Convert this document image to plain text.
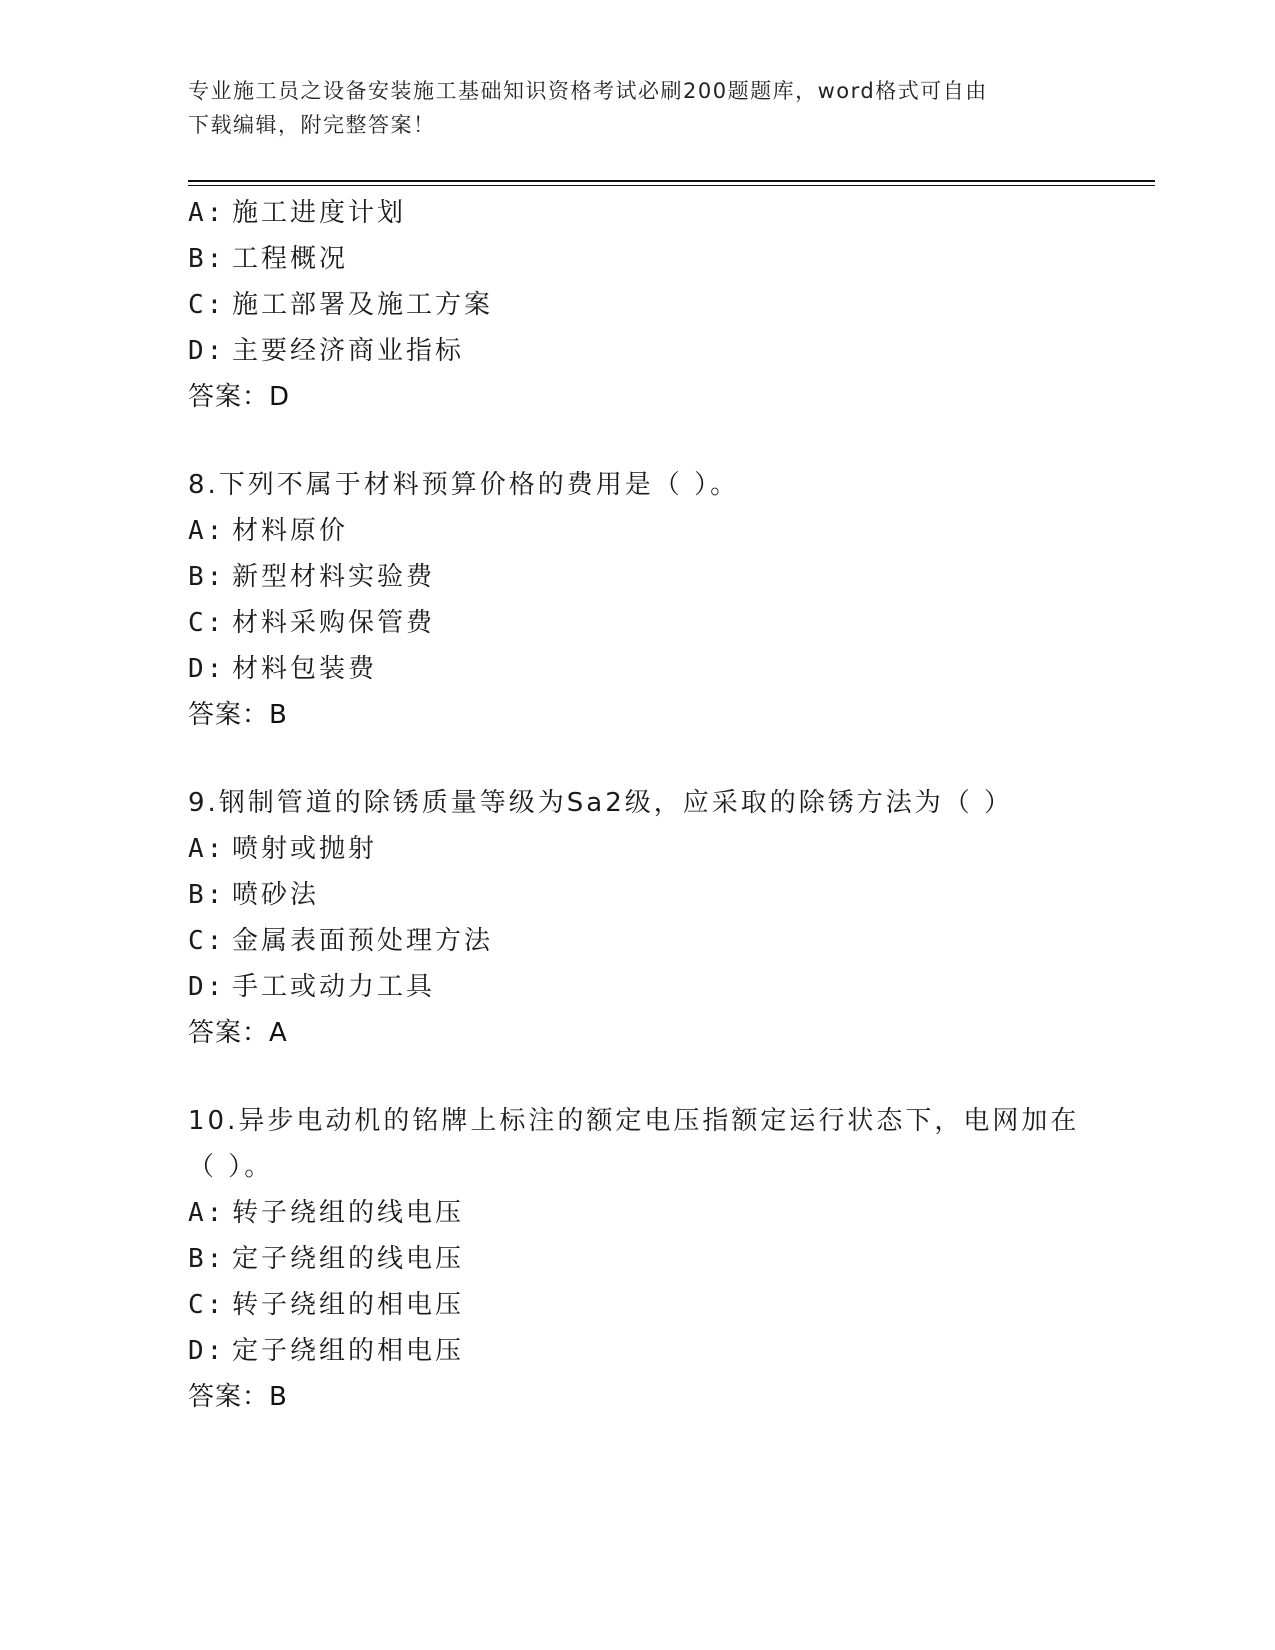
专业施工员之设备安装施工基础知识资格考试必刷200题题库，word格式可自由
下载编辑，附完整答案！
A: 施工进度计划
B: 工程概况
C: 施工部署及施工方案
D: 主要经济商业指标
答案：D
8.下列不属于材料预算价格的费用是（ ）。
A: 材料原价
B: 新型材料实验费
C: 材料采购保管费
D: 材料包装费
答案：B
9.钢制管道的除锈质量等级为Sa2级，应采取的除锈方法为（ ）
A: 喷射或抛射
B: 喷砂法
C: 金属表面预处理方法
D: 手工或动力工具
答案：A
10.异步电动机的铭牌上标注的额定电压指额定运行状态下，电网加在
（ ）。
A: 转子绕组的线电压
B: 定子绕组的线电压
C: 转子绕组的相电压
D: 定子绕组的相电压
答案：B
